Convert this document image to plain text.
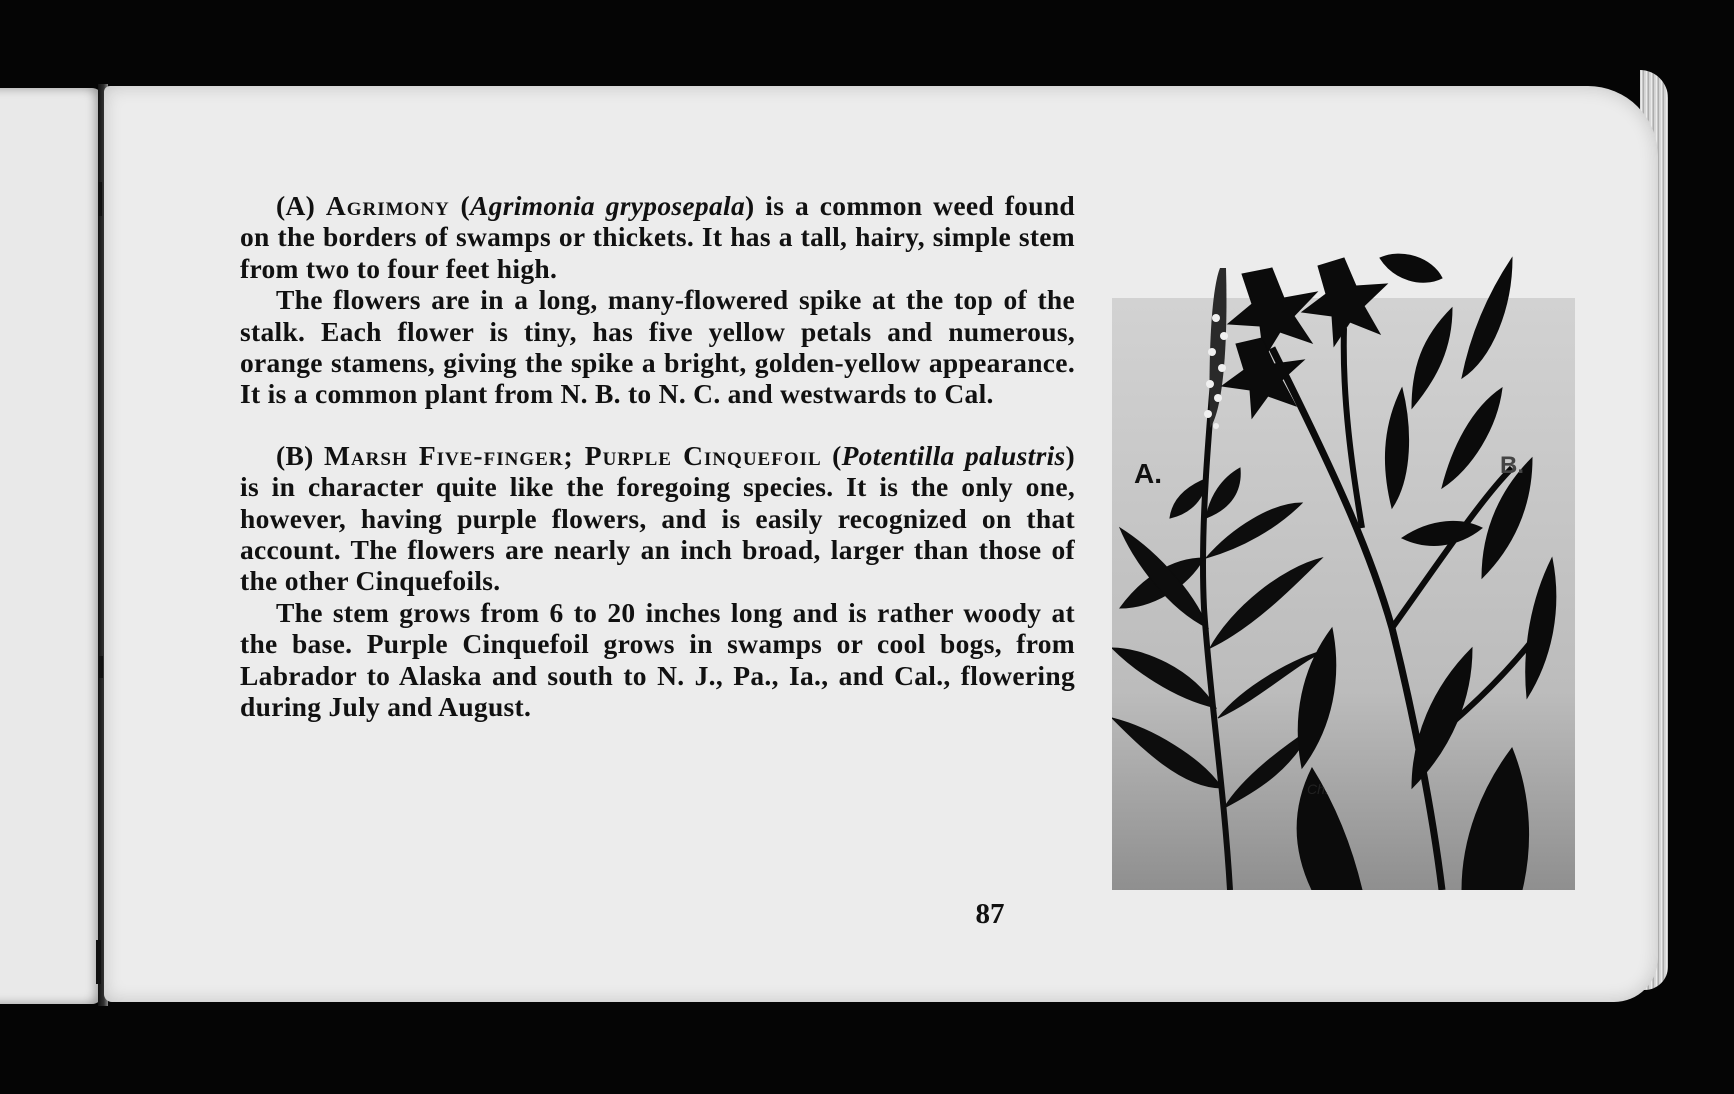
(A) Agrimony (Agrimonia gryposepala) is a common weed found on the borders of swamps or thickets. It has a tall, hairy, simple stem from two to four feet high.

The flowers are in a long, many-flowered spike at the top of the stalk. Each flower is tiny, has five yellow petals and numerous, orange stamens, giving the spike a bright, golden-yellow appearance. It is a common plant from N. B. to N. C. and westwards to Cal.

(B) Marsh Five-finger; Purple Cinquefoil (Potentilla palustris) is in character quite like the foregoing species. It is the only one, however, having purple flowers, and is easily recognized on that account. The flowers are nearly an inch broad, larger than those of the other Cinquefoils.

The stem grows from 6 to 20 inches long and is rather woody at the base. Purple Cinquefoil grows in swamps or cool bogs, from Labrador to Alaska and south to N. J., Pa., Ia., and Cal., flowering during July and August.

87
Ch.
A.	B.
